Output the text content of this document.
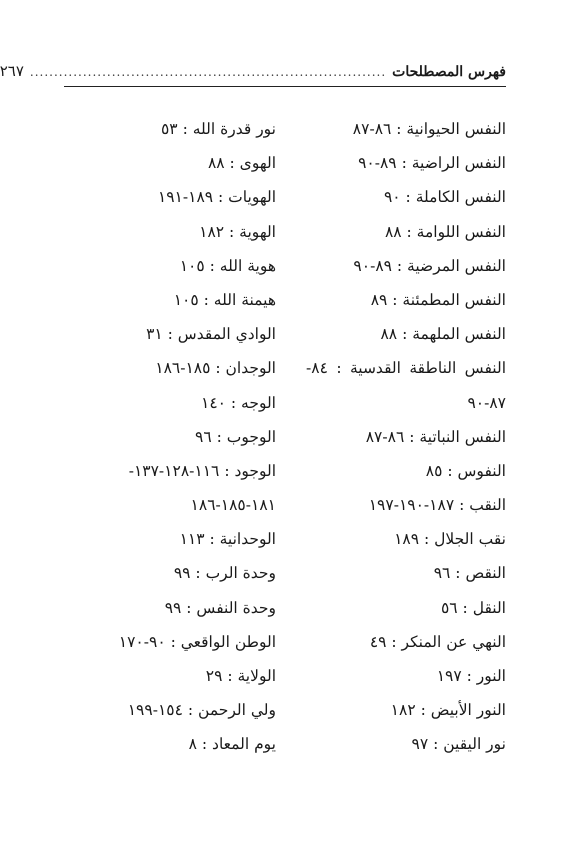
فهرس المصطلحات
..........................................................................
٢٦٧
النفس الحيوانية : ٨٦-٨٧
النفس الراضية : ٨٩-٩٠
النفس الكاملة : ٩٠
النفس اللوامة : ٨٨
النفس المرضية : ٨٩-٩٠
النفس المطمئنة : ٨٩
النفس الملهمة : ٨٨
النفس الناطقة القدسية : ٨٤-
٨٧-٩٠
النفس النباتية : ٨٦-٨٧
النفوس : ٨٥
النقب : ١٨٧-١٩٠-١٩٧
نقب الجلال : ١٨٩
النقص : ٩٦
النقل : ٥٦
النهي عن المنكر : ٤٩
النور : ١٩٧
النور الأبيض : ١٨٢
نور اليقين : ٩٧
نور قدرة الله : ٥٣
الهوى : ٨٨
الهويات : ١٨٩-١٩١
الهوية : ١٨٢
هوية الله : ١٠٥
هيمنة الله : ١٠٥
الوادي المقدس : ٣١
الوجدان : ١٨٥-١٨٦
الوجه : ١٤٠
الوجوب : ٩٦
الوجود : ١١٦-١٢٨-١٣٧-
١٨١-١٨٥-١٨٦
الوحدانية : ١١٣
وحدة الرب : ٩٩
وحدة النفس : ٩٩
الوطن الواقعي : ٩٠-١٧٠
الولاية : ٢٩
ولي الرحمن : ١٥٤-١٩٩
يوم المعاد : ٨
